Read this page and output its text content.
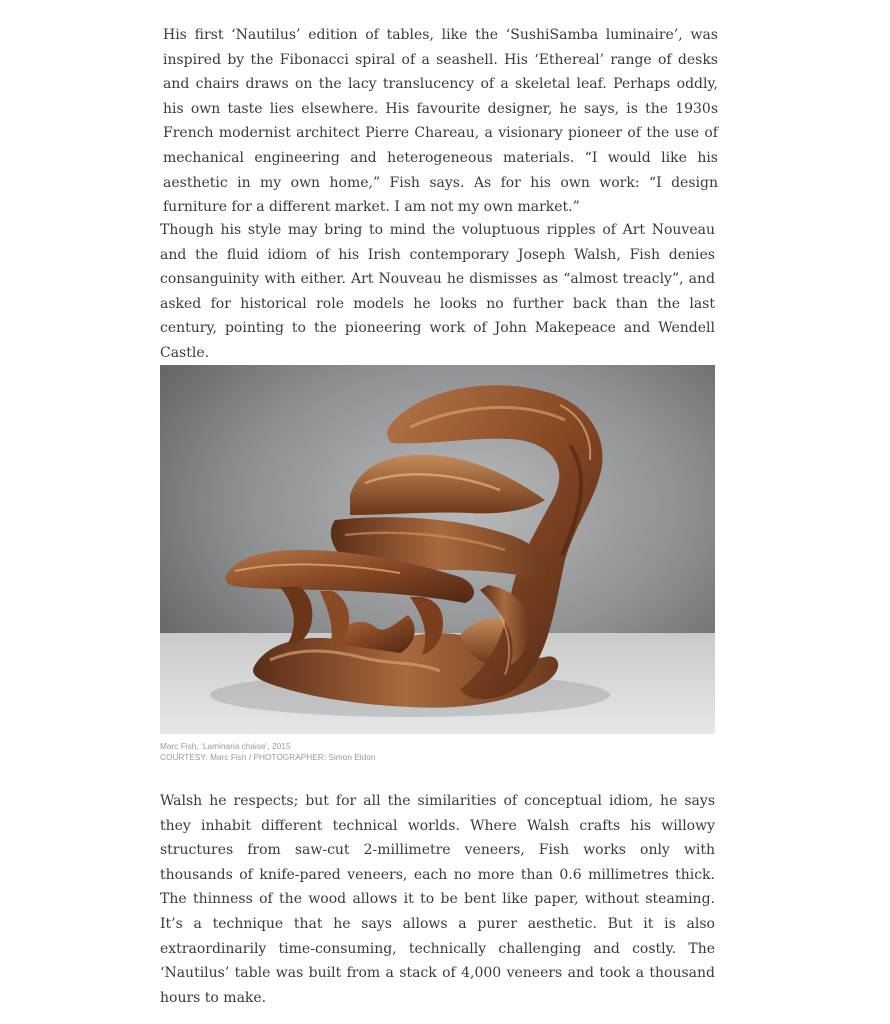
His first ‘Nautilus’ edition of tables, like the ‘SushiSamba luminaire’, was inspired by the Fibonacci spiral of a seashell. His ‘Ethereal’ range of desks and chairs draws on the lacy translucency of a skeletal leaf. Perhaps oddly, his own taste lies elsewhere. His favourite designer, he says, is the 1930s French modernist architect Pierre Chareau, a visionary pioneer of the use of mechanical engineering and heterogeneous materials. “I would like his aesthetic in my own home,” Fish says. As for his own work: “I design furniture for a different market. I am not my own market.”

Though his style may bring to mind the voluptuous ripples of Art Nouveau and the fluid idiom of his Irish contemporary Joseph Walsh, Fish denies consanguinity with either. Art Nouveau he dismisses as “almost treacly”, and asked for historical role models he looks no further back than the last century, pointing to the pioneering work of John Makepeace and Wendell Castle.

Marc Fish, ‘Laminaria chaise’, 2015
COURTESY: Marc Fish / PHOTOGRAPHER: Simon Eldon

Walsh he respects; but for all the similarities of conceptual idiom, he says they inhabit different technical worlds. Where Walsh crafts his willowy structures from saw-cut 2-millimetre veneers, Fish works only with thousands of knife-pared veneers, each no more than 0.6 millimetres thick. The thinness of the wood allows it to be bent like paper, without steaming. It’s a technique that he says allows a purer aesthetic. But it is also extraordinarily time-consuming, technically challenging and costly. The ‘Nautilus’ table was built from a stack of 4,000 veneers and took a thousand hours to make.
